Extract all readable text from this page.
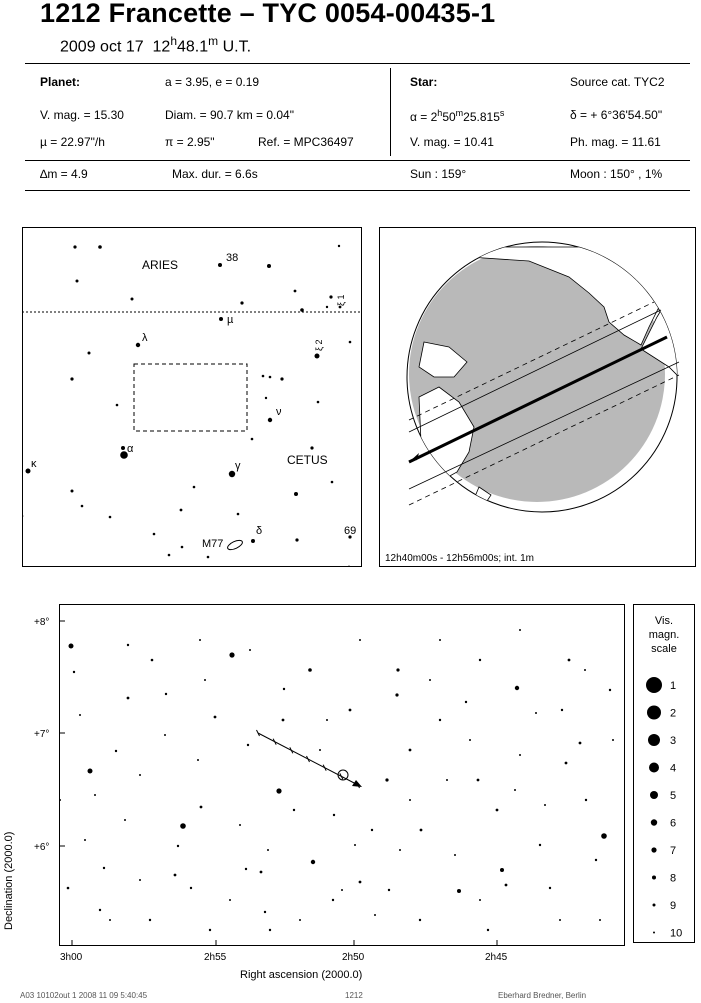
1212 Francette – TYC 0054-00435-1
2009 oct 17 12$^h$48.1$^m$ U.T.
Planet:	a = 3.95, e = 0.19
V. mag. = 15.30	Diam. = 90.7 km = 0.04"
µ = 22.97"/h	π = 2.95"	Ref. = MPC36497
Star:	Source cat. TYC2
$\alpha = 2^h50^m25.815^s$	δ = + 6°36'54.50"
V. mag. = 10.41	Ph. mag. = 11.61
∆m = 4.9	Max. dur. = 6.6s	Sun : 159°	Moon : 150° , 1%
ARIES
CETUS
38
µ
λ
α
ν
γ
κ
ξ 2
ξ 1
δ
M77
69
12h40m00s - 12h56m00s; int. 1m
+8°
+7°
+6°
Declination (2000.0)
3h00	2h55	2h50	2h45
Right ascension (2000.0)
Vis.
magn.
scale
1
2
3
4
5
6
7
8
9
10
A03 10102out 1 2008 11 09 5:40:45	1212	Eberhard Bredner, Berlin
